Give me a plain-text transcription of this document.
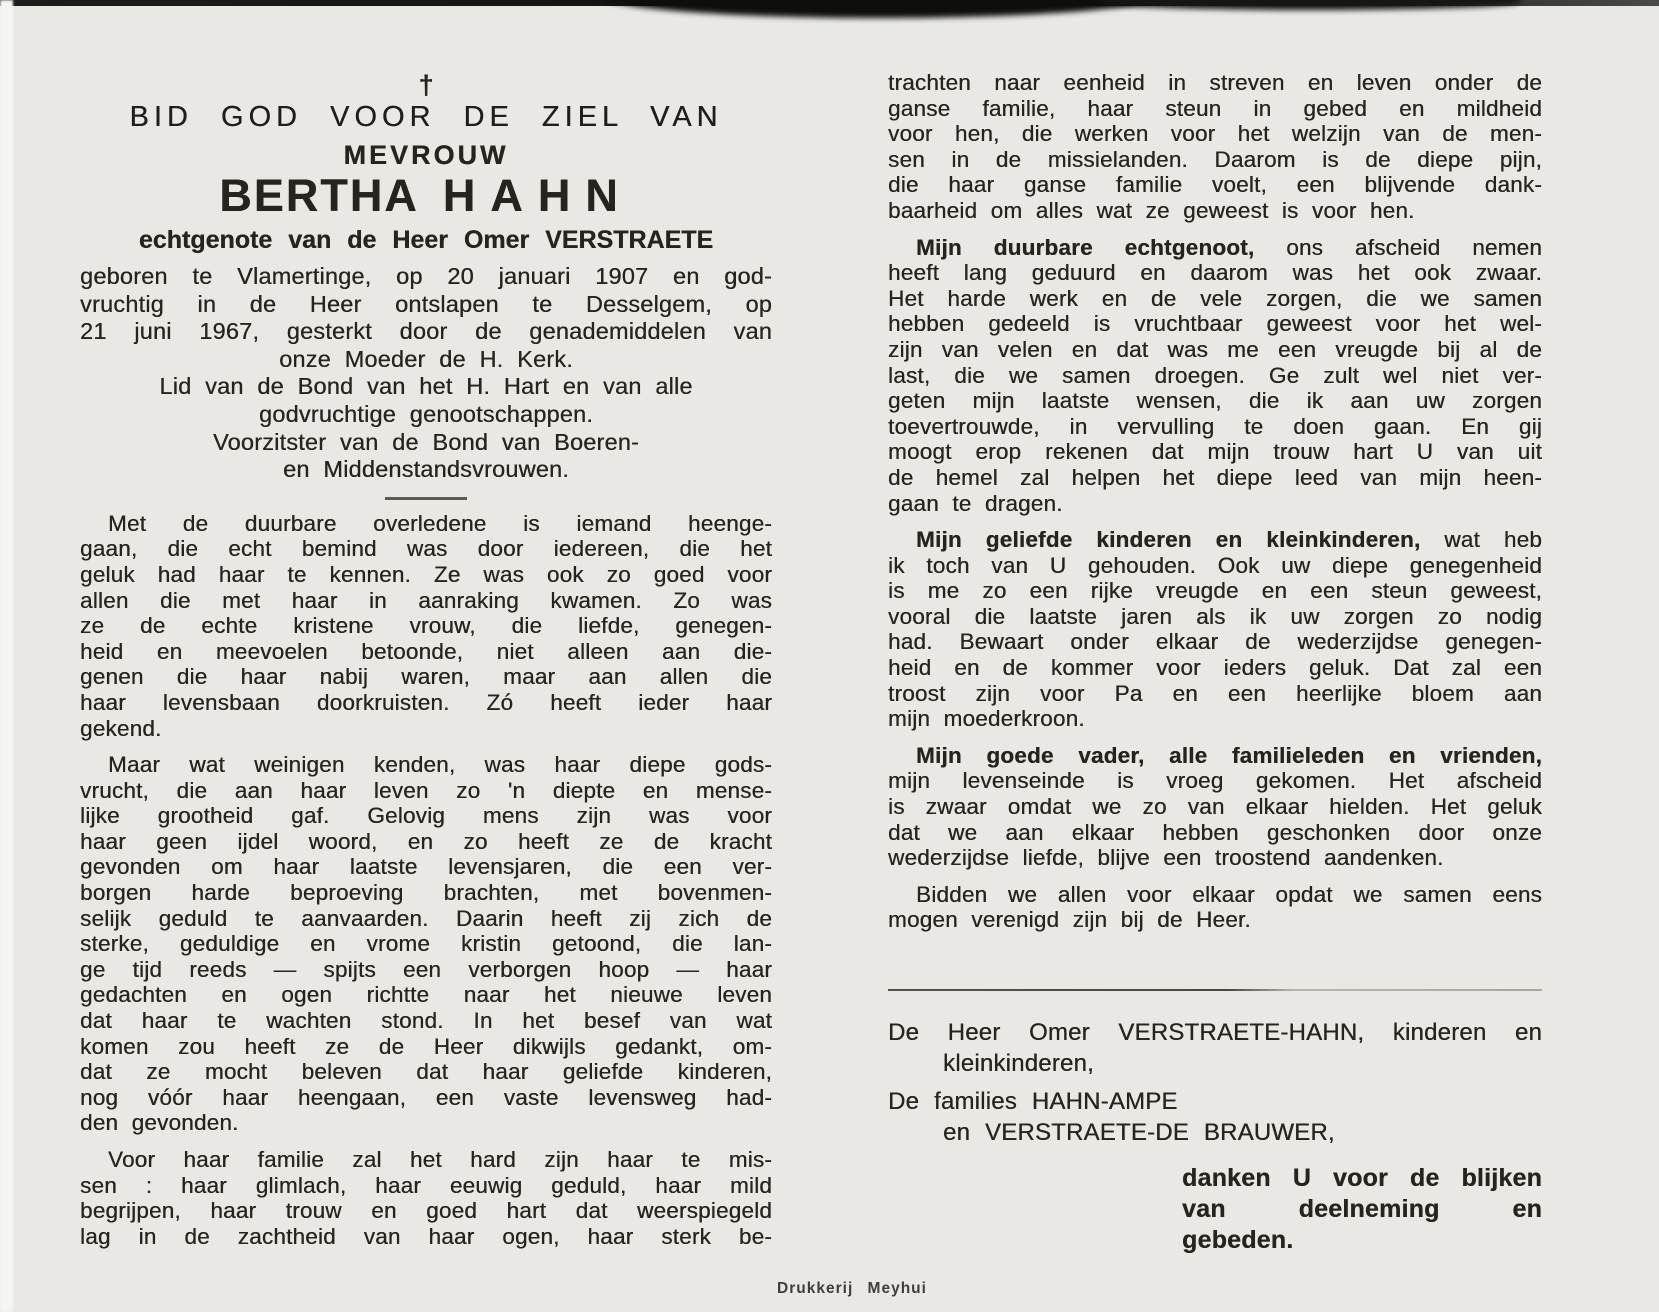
†
BID GOD VOOR DE ZIEL VAN
MEVROUW
BERTHA HAHN
echtgenote van de Heer Omer VERSTRAETE
geboren te Vlamertinge, op 20 januari 1907 en god-
vruchtig in de Heer ontslapen te Desselgem, op
21 juni 1967, gesterkt door de genademiddelen van
onze Moeder de H. Kerk.
Lid van de Bond van het H. Hart en van alle
godvruchtige genootschappen.
Voorzitster van de Bond van Boeren-
en Middenstandsvrouwen.
Met de duurbare overledene is iemand heenge-
gaan, die echt bemind was door iedereen, die het
geluk had haar te kennen. Ze was ook zo goed voor
allen die met haar in aanraking kwamen. Zo was
ze de echte kristene vrouw, die liefde, genegen-
heid en meevoelen betoonde, niet alleen aan die-
genen die haar nabij waren, maar aan allen die
haar levensbaan doorkruisten. Zó heeft ieder haar
gekend.
Maar wat weinigen kenden, was haar diepe gods-
vrucht, die aan haar leven zo 'n diepte en mense-
lijke grootheid gaf. Gelovig mens zijn was voor
haar geen ijdel woord, en zo heeft ze de kracht
gevonden om haar laatste levensjaren, die een ver-
borgen harde beproeving brachten, met bovenmen-
selijk geduld te aanvaarden. Daarin heeft zij zich de
sterke, geduldige en vrome kristin getoond, die lan-
ge tijd reeds — spijts een verborgen hoop — haar
gedachten en ogen richtte naar het nieuwe leven
dat haar te wachten stond. In het besef van wat
komen zou heeft ze de Heer dikwijls gedankt, om-
dat ze mocht beleven dat haar geliefde kinderen,
nog vóór haar heengaan, een vaste levensweg had-
den gevonden.
Voor haar familie zal het hard zijn haar te mis-
sen : haar glimlach, haar eeuwig geduld, haar mild
begrijpen, haar trouw en goed hart dat weerspiegeld
lag in de zachtheid van haar ogen, haar sterk be-
trachten naar eenheid in streven en leven onder de
ganse familie, haar steun in gebed en mildheid
voor hen, die werken voor het welzijn van de men-
sen in de missielanden. Daarom is de diepe pijn,
die haar ganse familie voelt, een blijvende dank-
baarheid om alles wat ze geweest is voor hen.
Mijn duurbare echtgenoot, ons afscheid nemen
heeft lang geduurd en daarom was het ook zwaar.
Het harde werk en de vele zorgen, die we samen
hebben gedeeld is vruchtbaar geweest voor het wel-
zijn van velen en dat was me een vreugde bij al de
last, die we samen droegen. Ge zult wel niet ver-
geten mijn laatste wensen, die ik aan uw zorgen
toevertrouwde, in vervulling te doen gaan. En gij
moogt erop rekenen dat mijn trouw hart U van uit
de hemel zal helpen het diepe leed van mijn heen-
gaan te dragen.
Mijn geliefde kinderen en kleinkinderen, wat heb
ik toch van U gehouden. Ook uw diepe genegenheid
is me zo een rijke vreugde en een steun geweest,
vooral die laatste jaren als ik uw zorgen zo nodig
had. Bewaart onder elkaar de wederzijdse genegen-
heid en de kommer voor ieders geluk. Dat zal een
troost zijn voor Pa en een heerlijke bloem aan
mijn moederkroon.
Mijn goede vader, alle familieleden en vrienden,
mijn levenseinde is vroeg gekomen. Het afscheid
is zwaar omdat we zo van elkaar hielden. Het geluk
dat we aan elkaar hebben geschonken door onze
wederzijdse liefde, blijve een troostend aandenken.
Bidden we allen voor elkaar opdat we samen eens
mogen verenigd zijn bij de Heer.
De Heer Omer VERSTRAETE-HAHN, kinderen en
kleinkinderen,
De families HAHN-AMPE
en VERSTRAETE-DE BRAUWER,
danken U voor de blijken
van deelneming en gebeden.
Drukkerij Meyhui
